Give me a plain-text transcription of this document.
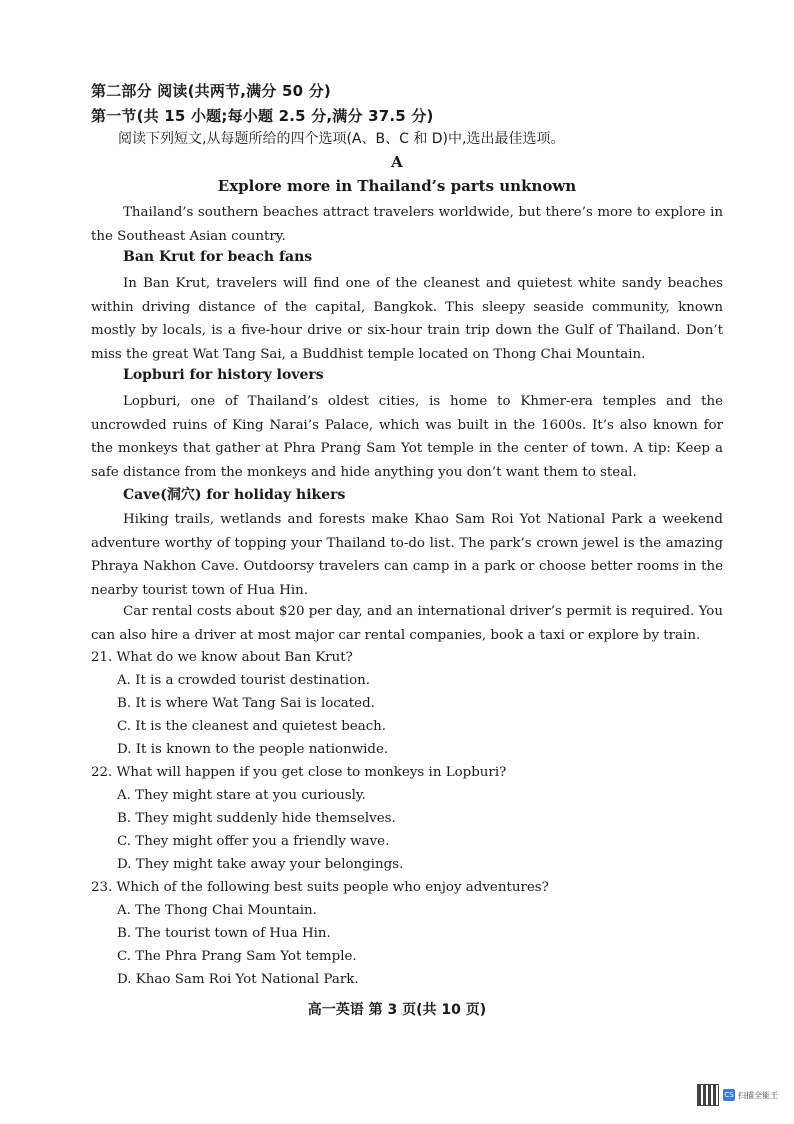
第二部分 阅读(共两节,满分 50 分)
第一节(共 15 小题;每小题 2.5 分,满分 37.5 分)
阅读下列短文,从每题所给的四个选项(A、B、C 和 D)中,选出最佳选项。
A
Explore more in Thailand’s parts unknown

Thailand’s southern beaches attract travelers worldwide, but there’s more to explore in the Southeast Asian country.

Ban Krut for beach fans

In Ban Krut, travelers will find one of the cleanest and quietest white sandy beaches within driving distance of the capital, Bangkok. This sleepy seaside community, known mostly by locals, is a five-hour drive or six-hour train trip down the Gulf of Thailand. Don’t miss the great Wat Tang Sai, a Buddhist temple located on Thong Chai Mountain.

Lopburi for history lovers

Lopburi, one of Thailand’s oldest cities, is home to Khmer-era temples and the uncrowded ruins of King Narai’s Palace, which was built in the 1600s. It’s also known for the monkeys that gather at Phra Prang Sam Yot temple in the center of town. A tip: Keep a safe distance from the monkeys and hide anything you don’t want them to steal.

Cave(洞穴) for holiday hikers

Hiking trails, wetlands and forests make Khao Sam Roi Yot National Park a weekend adventure worthy of topping your Thailand to-do list. The park’s crown jewel is the amazing Phraya Nakhon Cave. Outdoorsy travelers can camp in a park or choose better rooms in the nearby tourist town of Hua Hin.

Car rental costs about $20 per day, and an international driver’s permit is required. You can also hire a driver at most major car rental companies, book a taxi or explore by train.

21. What do we know about Ban Krut?
A. It is a crowded tourist destination.
B. It is where Wat Tang Sai is located.
C. It is the cleanest and quietest beach.
D. It is known to the people nationwide.
22. What will happen if you get close to monkeys in Lopburi?
A. They might stare at you curiously.
B. They might suddenly hide themselves.
C. They might offer you a friendly wave.
D. They might take away your belongings.
23. Which of the following best suits people who enjoy adventures?
A. The Thong Chai Mountain.
B. The tourist town of Hua Hin.
C. The Phra Prang Sam Yot temple.
D. Khao Sam Roi Yot National Park.
高一英语 第 3 页(共 10 页)
CS 扫描全能王
